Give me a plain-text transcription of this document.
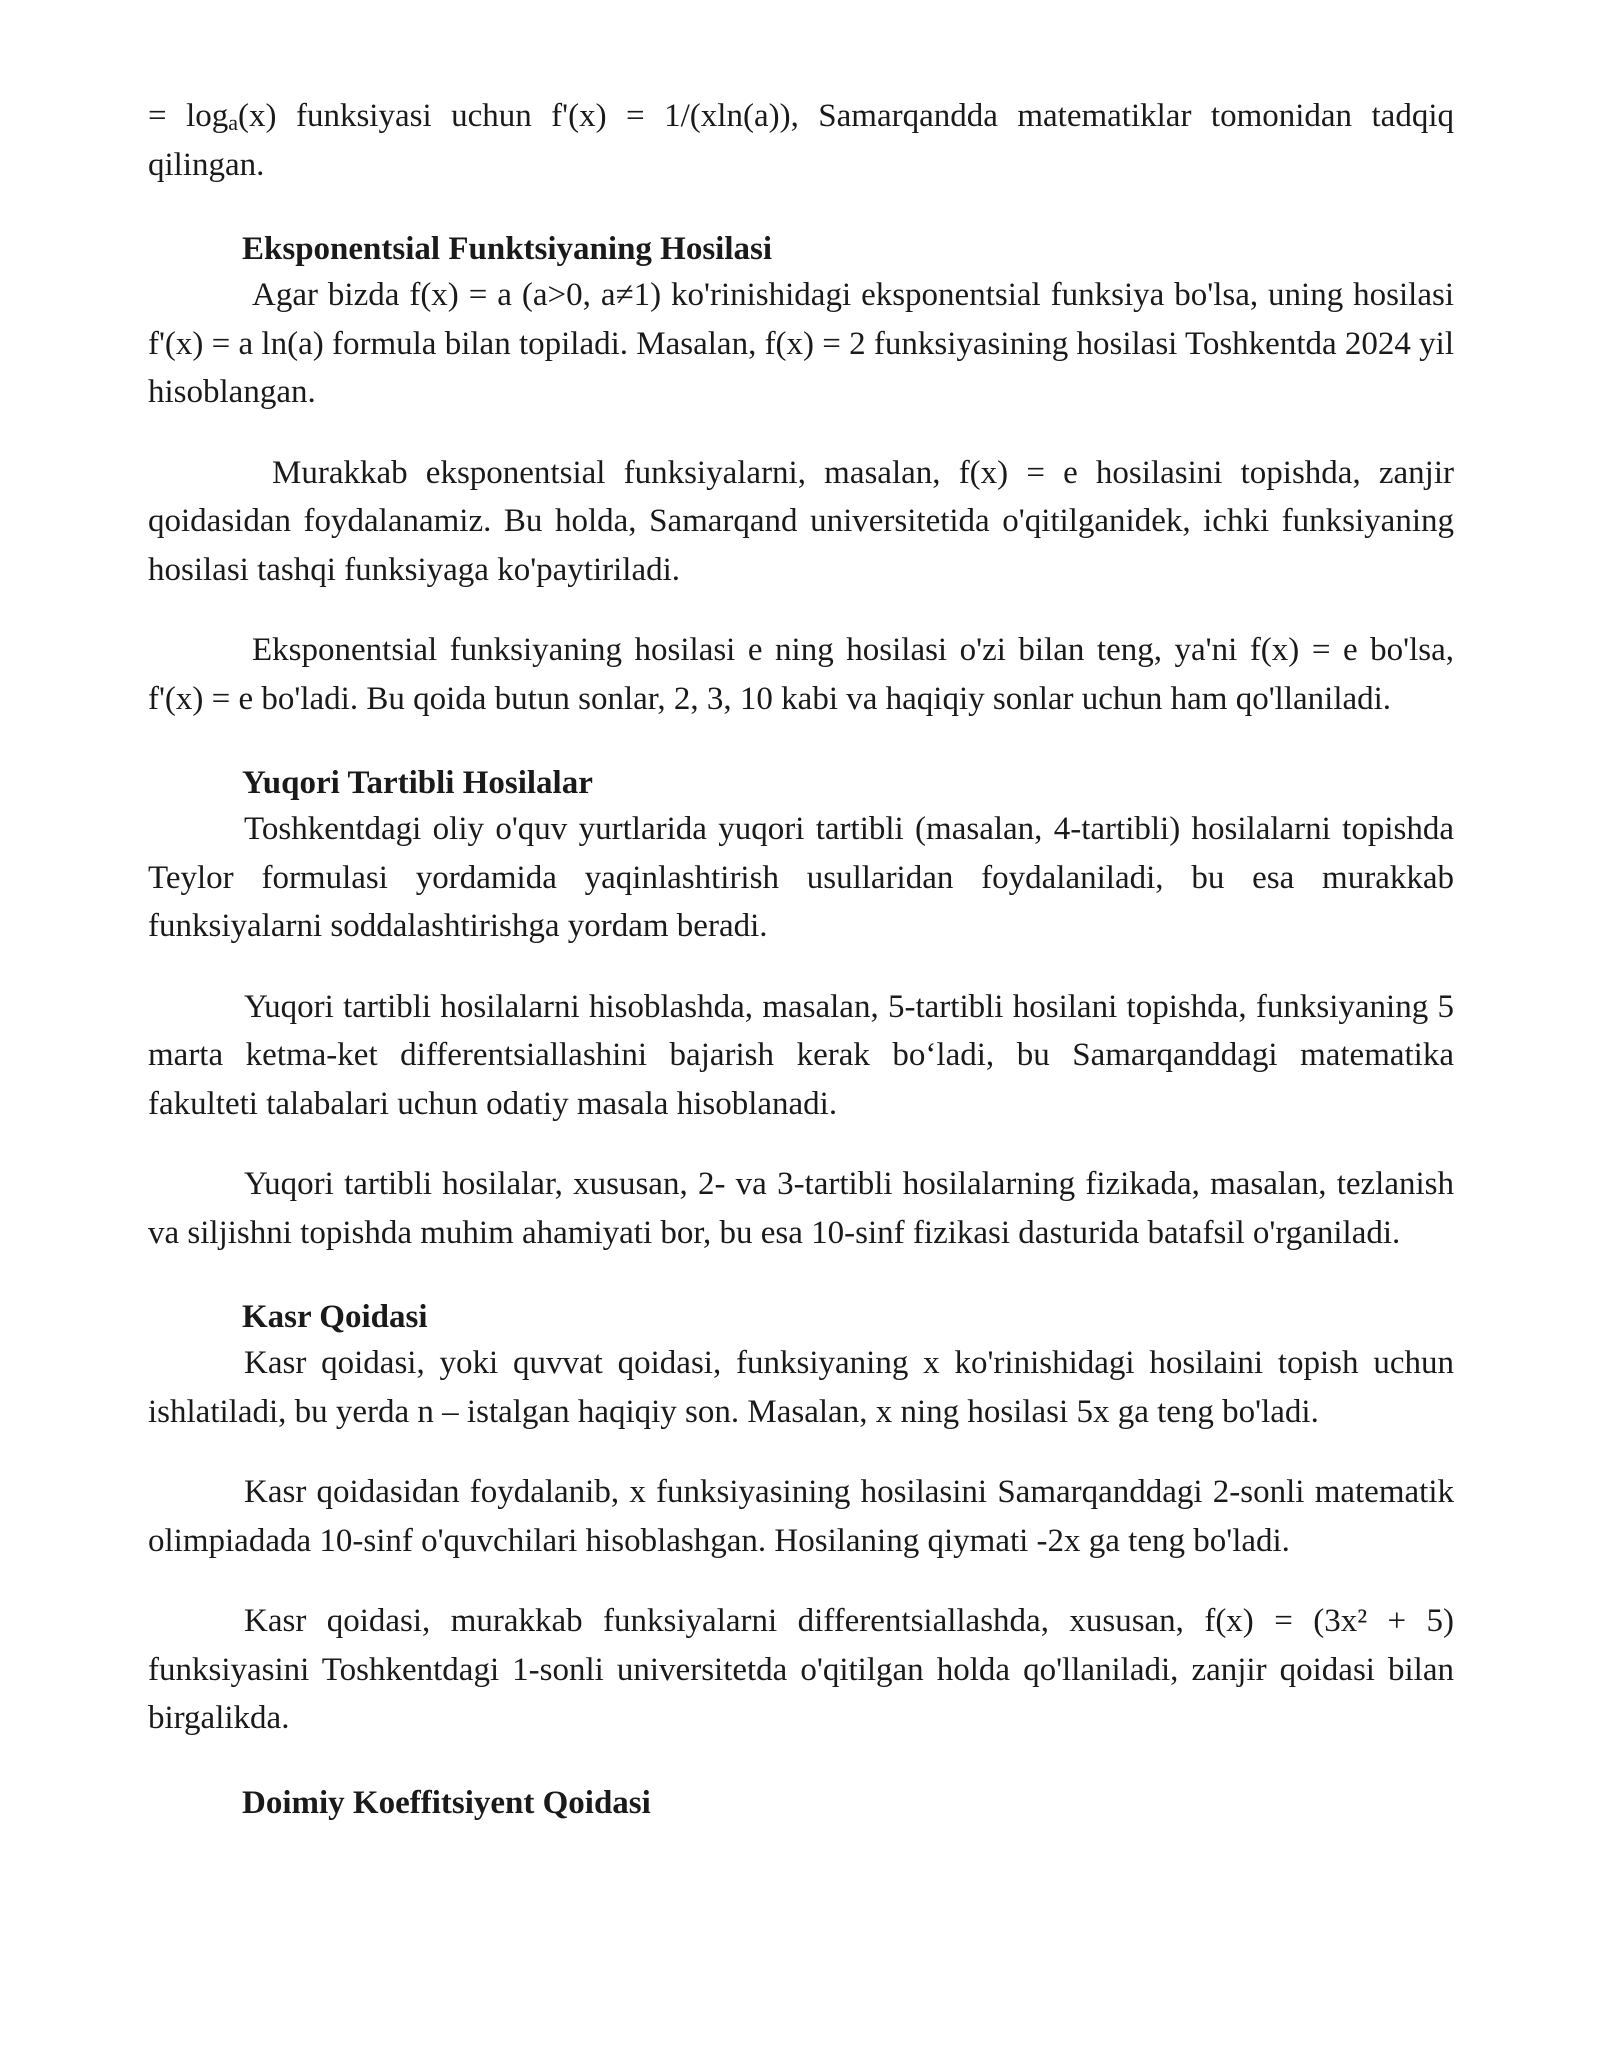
= $\log_a(x)$ funksiyasi uchun f'(x) = 1/(xln(a)), Samarqandda matematiklar tomonidan tadqiq qilingan.

Eksponentsial Funktsiyaning Hosilasi

Agar bizda f(x) = a (a>0, a≠1) ko'rinishidagi eksponentsial funksiya bo'lsa, uning hosilasi f'(x) = a ln(a) formula bilan topiladi. Masalan, f(x) = 2 funksiyasining hosilasi Toshkentda 2024 yil hisoblangan.

Murakkab eksponentsial funksiyalarni, masalan, f(x) = e hosilasini topishda, zanjir qoidasidan foydalanamiz. Bu holda, Samarqand universitetida o'qitilganidek, ichki funksiyaning hosilasi tashqi funksiyaga ko'paytiriladi.

Eksponentsial funksiyaning hosilasi e ning hosilasi o'zi bilan teng, ya'ni f(x) = e bo'lsa, f'(x) = e bo'ladi. Bu qoida butun sonlar, 2, 3, 10 kabi va haqiqiy sonlar uchun ham qo'llaniladi.

Yuqori Tartibli Hosilalar

Toshkentdagi oliy o'quv yurtlarida yuqori tartibli (masalan, 4-tartibli) hosilalarni topishda Teylor formulasi yordamida yaqinlashtirish usullaridan foydalaniladi, bu esa murakkab funksiyalarni soddalashtirishga yordam beradi.

Yuqori tartibli hosilalarni hisoblashda, masalan, 5-tartibli hosilani topishda, funksiyaning 5 marta ketma-ket differentsiallashini bajarish kerak bo‘ladi, bu Samarqanddagi matematika fakulteti talabalari uchun odatiy masala hisoblanadi.

Yuqori tartibli hosilalar, xususan, 2- va 3-tartibli hosilalarning fizikada, masalan, tezlanish va siljishni topishda muhim ahamiyati bor, bu esa 10-sinf fizikasi dasturida batafsil o'rganiladi.

Kasr Qoidasi

Kasr qoidasi, yoki quvvat qoidasi, funksiyaning x ko'rinishidagi hosilaini topish uchun ishlatiladi, bu yerda n – istalgan haqiqiy son. Masalan, x ning hosilasi 5x ga teng bo'ladi.

Kasr qoidasidan foydalanib, x funksiyasining hosilasini Samarqanddagi 2-sonli matematik olimpiadada 10-sinf o'quvchilari hisoblashgan. Hosilaning qiymati -2x ga teng bo'ladi.

Kasr qoidasi, murakkab funksiyalarni differentsiallashda, xususan, f(x) = (3x² + 5) funksiyasini Toshkentdagi 1-sonli universitetda o'qitilgan holda qo'llaniladi, zanjir qoidasi bilan birgalikda.

Doimiy Koeffitsiyent Qoidasi
